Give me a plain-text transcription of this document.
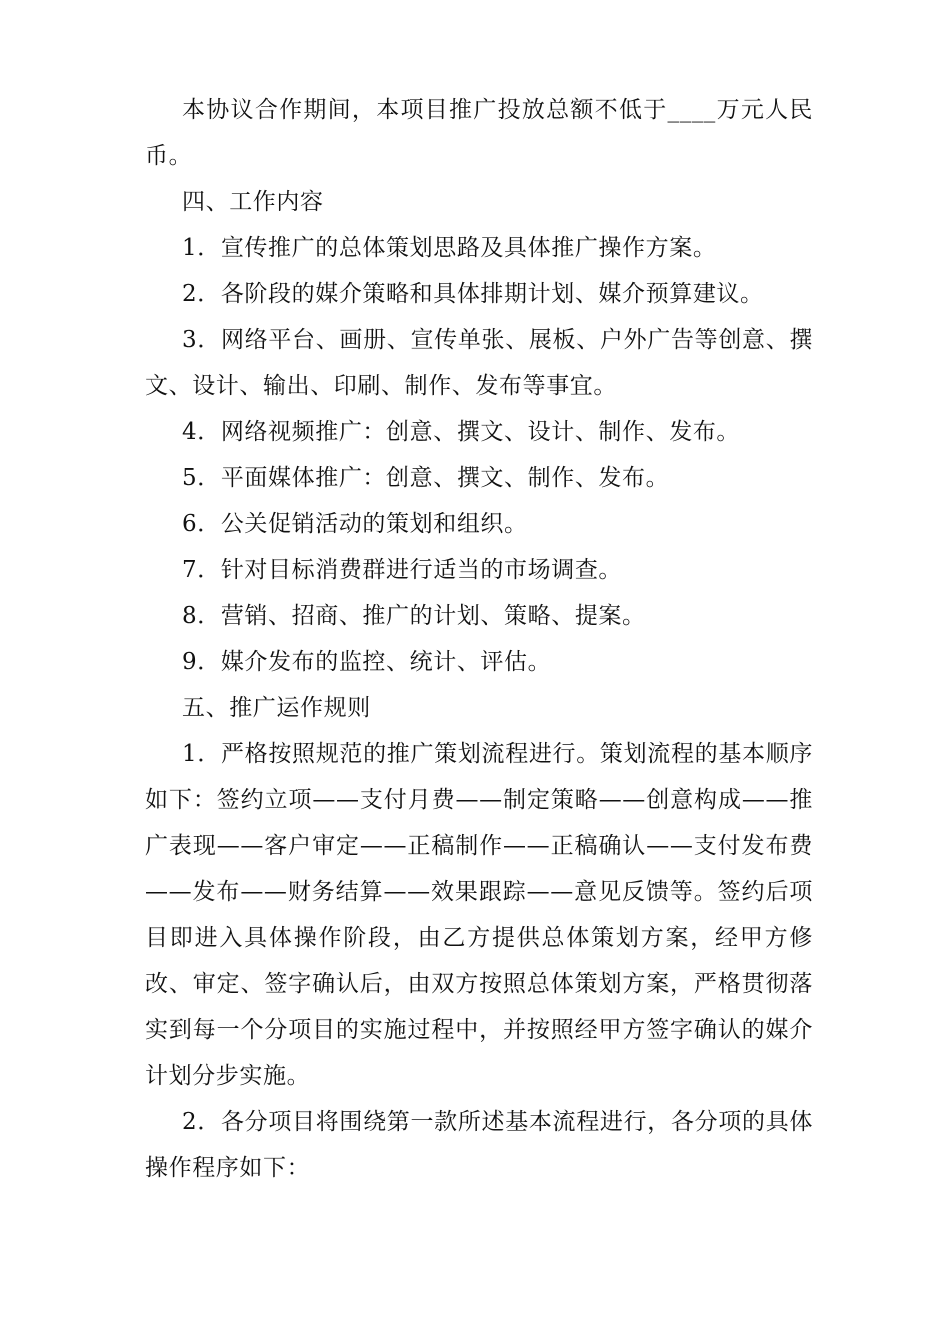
本协议合作期间，本项目推广投放总额不低于____万元人民币。

四、工作内容

1．宣传推广的总体策划思路及具体推广操作方案。

2．各阶段的媒介策略和具体排期计划、媒介预算建议。

3．网络平台、画册、宣传单张、展板、户外广告等创意、撰文、设计、输出、印刷、制作、发布等事宜。

4．网络视频推广：创意、撰文、设计、制作、发布。

5．平面媒体推广：创意、撰文、制作、发布。

6．公关促销活动的策划和组织。

7．针对目标消费群进行适当的市场调查。

8．营销、招商、推广的计划、策略、提案。

9．媒介发布的监控、统计、评估。

五、推广运作规则

1．严格按照规范的推广策划流程进行。策划流程的基本顺序如下：签约立项——支付月费——制定策略——创意构成——推广表现——客户审定——正稿制作——正稿确认——支付发布费——发布——财务结算——效果跟踪——意见反馈等。签约后项目即进入具体操作阶段，由乙方提供总体策划方案，经甲方修改、审定、签字确认后，由双方按照总体策划方案，严格贯彻落实到每一个分项目的实施过程中，并按照经甲方签字确认的媒介计划分步实施。

2．各分项目将围绕第一款所述基本流程进行，各分项的具体操作程序如下：
